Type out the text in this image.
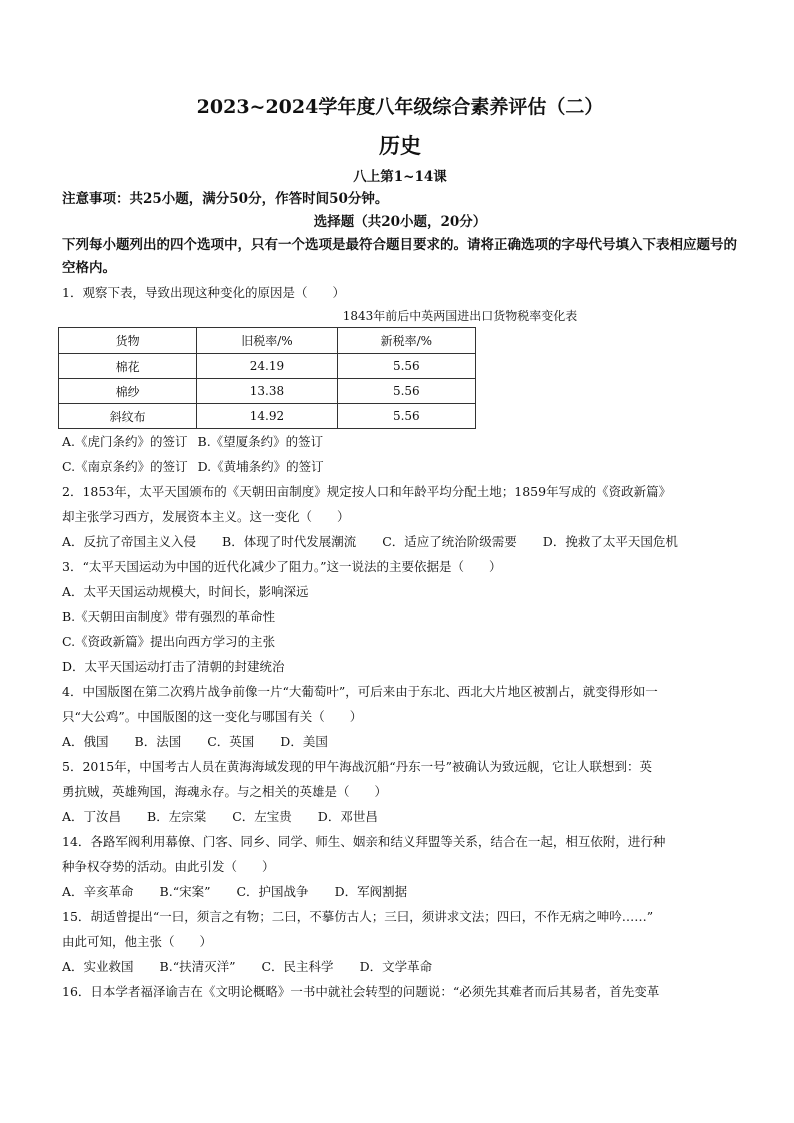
2023~2024学年度八年级综合素养评估（二）
历史
八上第1~14课
注意事项：共25小题，满分50分，作答时间50分钟。
选择题（共20小题，20分）
下列每小题列出的四个选项中，只有一个选项是最符合题目要求的。请将正确选项的字母代号填入下表相应题号的空格内。
1．观察下表，导致出现这种变化的原因是（　　）
1843年前后中英两国进出口货物税率变化表
货物	旧税率/%	新税率/%
棉花	24.19	5.56
棉纱	13.38	5.56
斜纹布	14.92	5.56
A.《虎门条约》的签订 B.《望厦条约》的签订
C.《南京条约》的签订 D.《黄埔条约》的签订
2．1853年，太平天国颁布的《天朝田亩制度》规定按人口和年龄平均分配土地；1859年写成的《资政新篇》
却主张学习西方，发展资本主义。这一变化（　　）
A．反抗了帝国主义入侵 B．体现了时代发展潮流 C．适应了统治阶级需要 D．挽救了太平天国危机
3．“太平天国运动为中国的近代化减少了阻力。”这一说法的主要依据是（　　）
A．太平天国运动规模大，时间长，影响深远
B.《天朝田亩制度》带有强烈的革命性
C.《资政新篇》提出向西方学习的主张
D．太平天国运动打击了清朝的封建统治
4．中国版图在第二次鸦片战争前像一片“大葡萄叶”，可后来由于东北、西北大片地区被割占，就变得形如一
只“大公鸡”。中国版图的这一变化与哪国有关（　　）
A．俄国 B．法国 C．英国 D．美国
5．2015年，中国考古人员在黄海海域发现的甲午海战沉船“丹东一号”被确认为致远舰，它让人联想到：英
勇抗贼，英雄殉国，海魂永存。与之相关的英雄是（　　）
A．丁汝昌 B．左宗棠 C．左宝贵 D．邓世昌
14．各路军阀利用幕僚、门客、同乡、同学、师生、姻亲和结义拜盟等关系，结合在一起，相互依附，进行种
种争权夺势的活动。由此引发（　　）
A．辛亥革命 B.“宋案” C．护国战争 D．军阀割据
15．胡适曾提出“一曰，须言之有物；二曰，不摹仿古人；三曰，须讲求文法；四曰，不作无病之呻吟……”
由此可知，他主张（　　）
A．实业救国 B.“扶清灭洋” C．民主科学 D．文学革命
16．日本学者福泽谕吉在《文明论概略》一书中就社会转型的问题说：“必须先其难者而后其易者，首先变革
